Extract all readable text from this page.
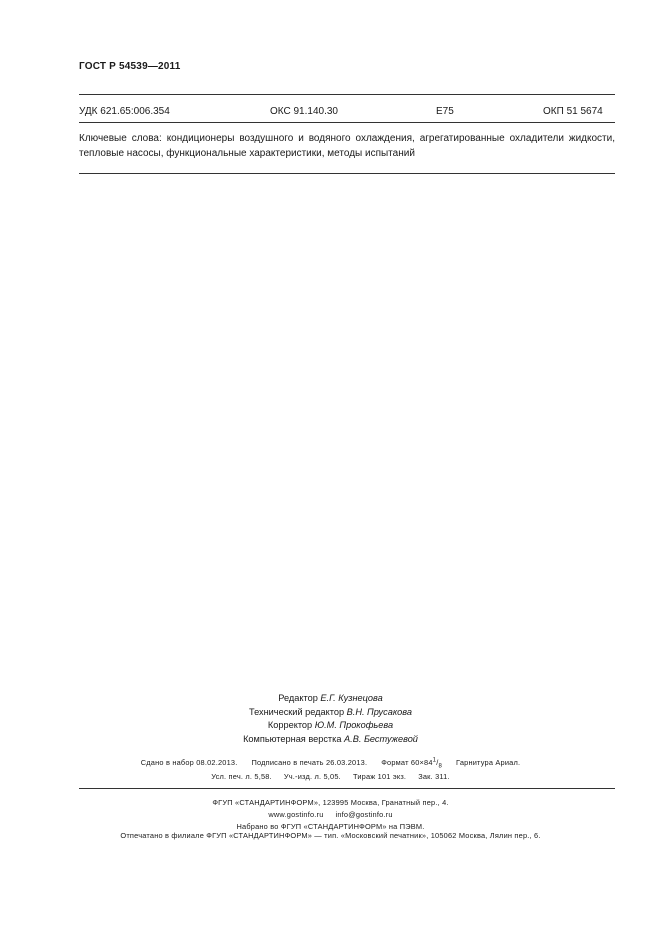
ГОСТ Р 54539—2011
УДК 621.65:006.354	ОКС 91.140.30	Е75	ОКП 51 5674
Ключевые слова: кондиционеры воздушного и водяного охлаждения, агрегатированные охладители жидкости, тепловые насосы, функциональные характеристики, методы испытаний
Редактор Е.Г. Кузнецова
Технический редактор В.Н. Прусакова
Корректор Ю.М. Прокофьева
Компьютерная верстка А.В. Бестужевой
Сдано в набор 08.02.2013. Подписано в печать 26.03.2013. Формат $60\times 84^1/_8$ Гарнитура Ариал.
Усл. печ. л. 5,58. Уч.-изд. л. 5,05. Тираж 101 экз. Зак. 311.
ФГУП «СТАНДАРТИНФОРМ», 123995 Москва, Гранатный пер., 4.
www.gostinfo.ru info@gostinfo.ru
Набрано во ФГУП «СТАНДАРТИНФОРМ» на ПЭВМ.
Отпечатано в филиале ФГУП «СТАНДАРТИНФОРМ» — тип. «Московский печатник», 105062 Москва, Лялин пер., 6.
